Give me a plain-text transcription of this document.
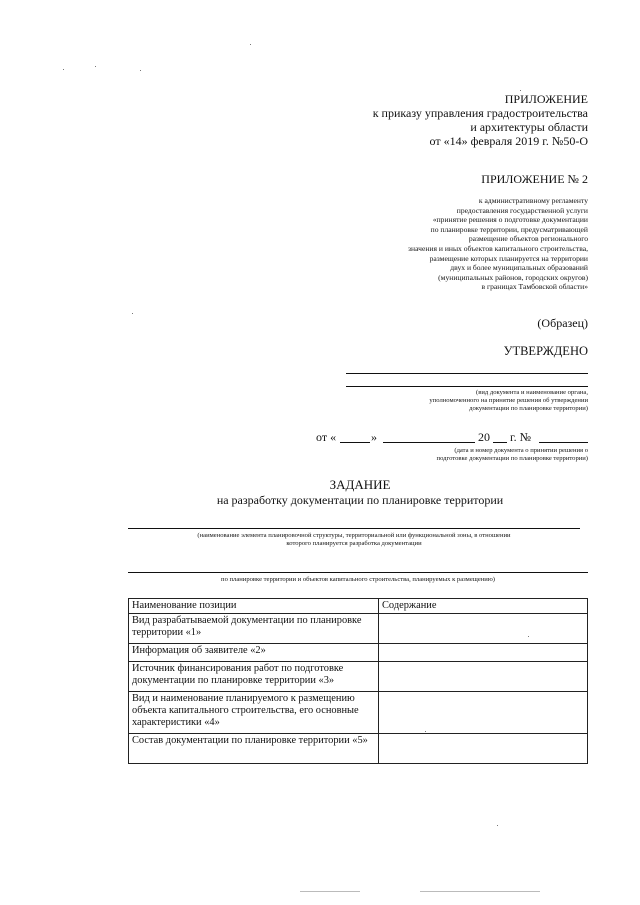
ПРИЛОЖЕНИЕ
к приказу управления градостроительства
и архитектуры области
от «14» февраля 2019 г. №50-О
ПРИЛОЖЕНИЕ № 2
к административному регламенту
предоставления государственной услуги
«принятие решения о подготовке документации
по планировке территории, предусматривающей
размещение объектов регионального
значения и иных объектов капитального строительства,
размещение которых планируется на территории
двух и более муниципальных образований
(муниципальных районов, городских округов)
в границах Тамбовской области»
(Образец)
УТВЕРЖДЕНО
(вид документа и наименование органа,
уполномоченного на принятие решения об утверждении
документации по планировке территории)
от «	»	20 г. №
(дата и номер документа о принятии решения о
подготовке документации по планировке территории)
ЗАДАНИЕ
на разработку документации по планировке территории
(наименование элемента планировочной структуры, территориальной или функциональной зоны, в отношении
которого планируется разработка документации
по планировке территории и объектов капитального строительства, планируемых к размещению)
Наименование позиции	Содержание
Вид разрабатываемой документации по планировке территории «1»	
Информация об заявителе «2»	
Источник финансирования работ по подготовке документации по планировке территории «3»	
Вид и наименование планируемого к размещению объекта капитального строительства, его основные характеристики «4»	
Состав документации по планировке территории «5»	
